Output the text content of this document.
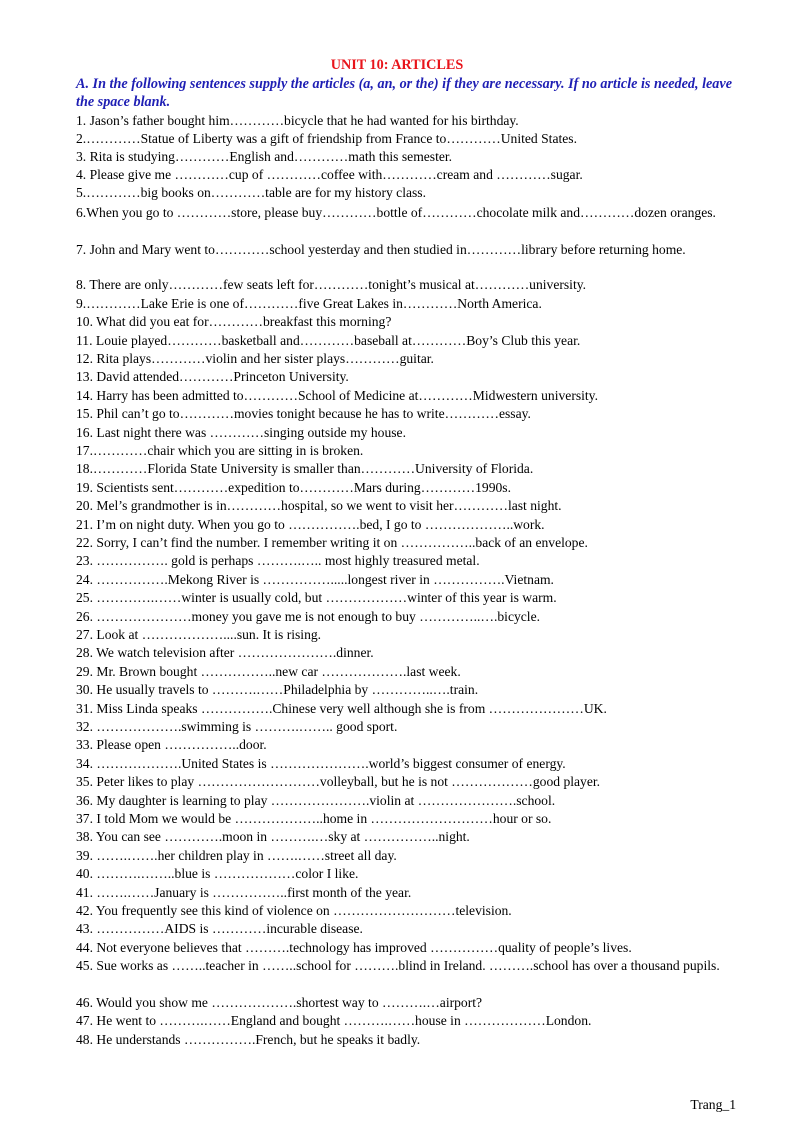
UNIT 10: ARTICLES
A. In the following sentences supply the articles (a, an, or the) if they are necessary. If no article is needed, leave the space blank.
1. Jason’s father bought him…………bicycle that he had wanted for his birthday.
2.…………Statue of Liberty was a gift of friendship from France to…………United States.
3. Rita is studying…………English and…………math this semester.
4. Please give me …………cup of …………coffee with…………cream and …………sugar.
5.…………big books on…………table are for my history class.
6.When you go to …………store, please buy…………bottle of…………chocolate milk and…………dozen oranges.
7. John and Mary went to…………school yesterday and then studied in…………library before returning home.
8. There are only…………few seats left for…………tonight’s musical at…………university.
9.…………Lake Erie is one of…………five Great Lakes in…………North America.
10. What did you eat for…………breakfast this morning?
11. Louie played…………basketball and…………baseball at…………Boy’s Club this year.
12. Rita plays…………violin and her sister plays…………guitar.
13. David attended…………Princeton University.
14. Harry has been admitted to…………School of Medicine at…………Midwestern university.
15. Phil can’t go to…………movies tonight because he has to write…………essay.
16. Last night there was …………singing outside my house.
17.…………chair which you are sitting in is broken.
18.…………Florida State University is smaller than…………University of Florida.
19. Scientists sent…………expedition to…………Mars during…………1990s.
20. Mel’s grandmother is in…………hospital, so we went to visit her…………last night.
21. I’m on night duty. When you go to …………….bed, I go to ………………..work.
22. Sorry, I can’t find the number. I remember writing it on ……………..back of an envelope.
23. ……………. gold is perhaps ……….….. most highly treasured metal.
24. …………….Mekong River is …………….....longest river in …………….Vietnam.
25. ………….……winter is usually cold, but ………………winter of this year is warm.
26. …………………money you gave me is not enough to buy …………..….bicycle.
27. Look at ………………....sun. It is rising.
28. We watch television after ………………….dinner.
29. Mr. Brown bought ……………..new car ……………….last week.
30. He usually travels to ……….……Philadelphia by …………..….train.
31. Miss Linda speaks …………….Chinese very well although she is from …………………UK.
32. ……………….swimming is ……….…….. good sport.
33. Please open ……………..door.
34. ……………….United States is ………………….world’s biggest consumer of energy.
35. Peter likes to play ………………………volleyball, but he is not ………………good player.
36. My daughter is learning to play ………………….violin at ………………….school.
37. I told Mom we would be ………………..home in ………………………hour or so.
38. You can see ………….moon in ……….…sky at ……………..night.
39. …….…….her children play in …….……street all day.
40. ……….……..blue is ………………color I like.
41. …….……January is ……………..first month of the year.
42. You frequently see this kind of violence on ………………………television.
43. ……………AIDS is …………incurable disease.
44. Not everyone believes that ……….technology has improved ……………quality of people’s lives.
45. Sue works as ……..teacher in ……..school for ……….blind in Ireland. ……….school has over a thousand pupils.
46. Would you show me ……………….shortest way to ……….…airport?
47. He went to ……….……England and bought ……….……house in ………………London.
48. He understands …………….French, but he speaks it badly.
Trang_1
